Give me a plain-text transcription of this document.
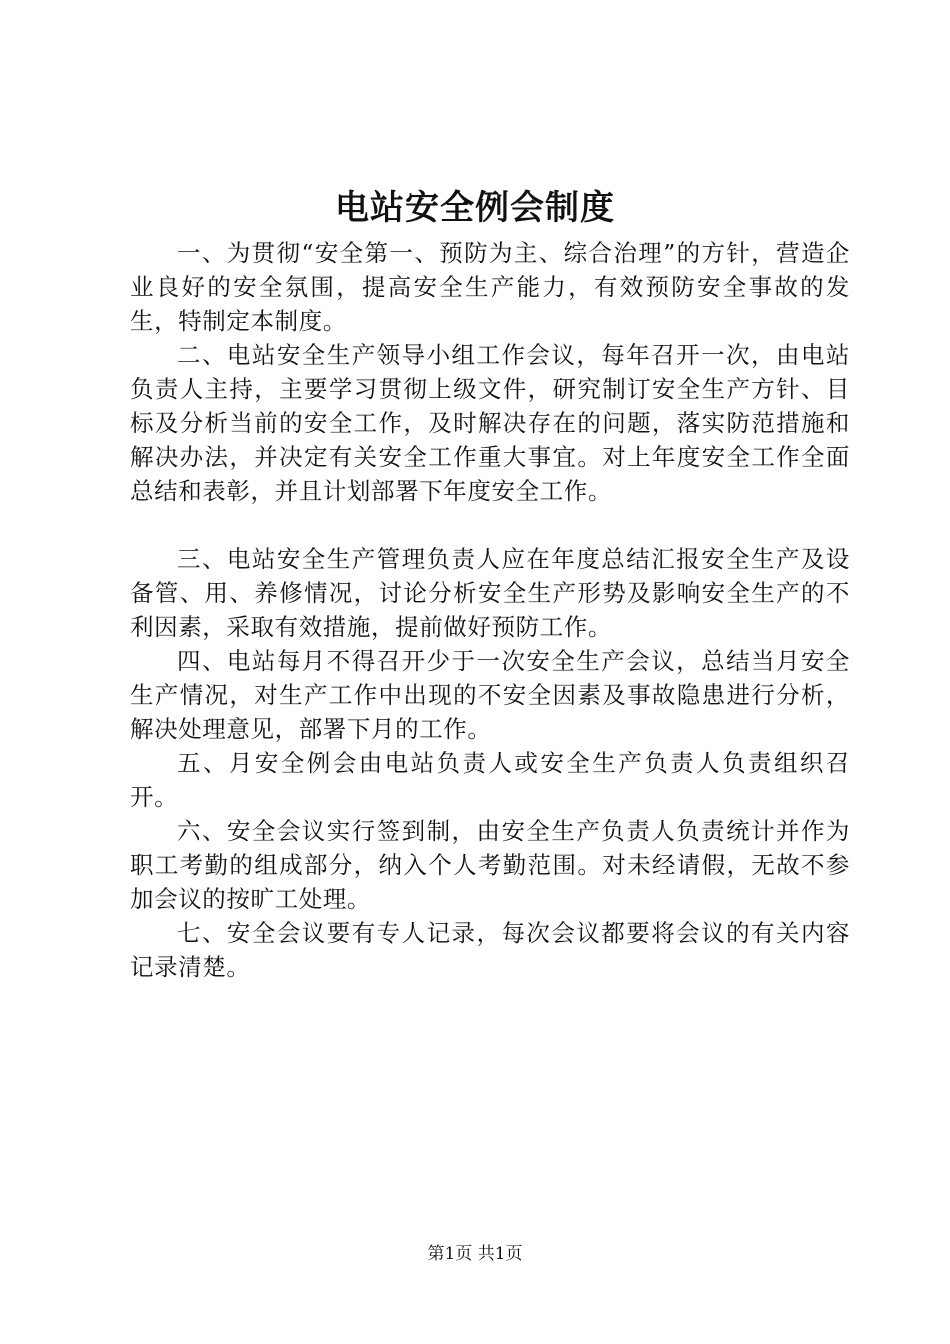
电站安全例会制度

一、为贯彻“安全第一、预防为主、综合治理”的方针，营造企业良好的安全氛围，提高安全生产能力，有效预防安全事故的发生，特制定本制度。

二、电站安全生产领导小组工作会议，每年召开一次，由电站负责人主持，主要学习贯彻上级文件，研究制订安全生产方针、目标及分析当前的安全工作，及时解决存在的问题，落实防范措施和解决办法，并决定有关安全工作重大事宜。对上年度安全工作全面总结和表彰，并且计划部署下年度安全工作。

三、电站安全生产管理负责人应在年度总结汇报安全生产及设备管、用、养修情况，讨论分析安全生产形势及影响安全生产的不利因素，采取有效措施，提前做好预防工作。

四、电站每月不得召开少于一次安全生产会议，总结当月安全生产情况，对生产工作中出现的不安全因素及事故隐患进行分析，解决处理意见，部署下月的工作。

五、月安全例会由电站负责人或安全生产负责人负责组织召开。

六、安全会议实行签到制，由安全生产负责人负责统计并作为职工考勤的组成部分，纳入个人考勤范围。对未经请假，无故不参加会议的按旷工处理。

七、安全会议要有专人记录，每次会议都要将会议的有关内容记录清楚。

第1页 共1页
